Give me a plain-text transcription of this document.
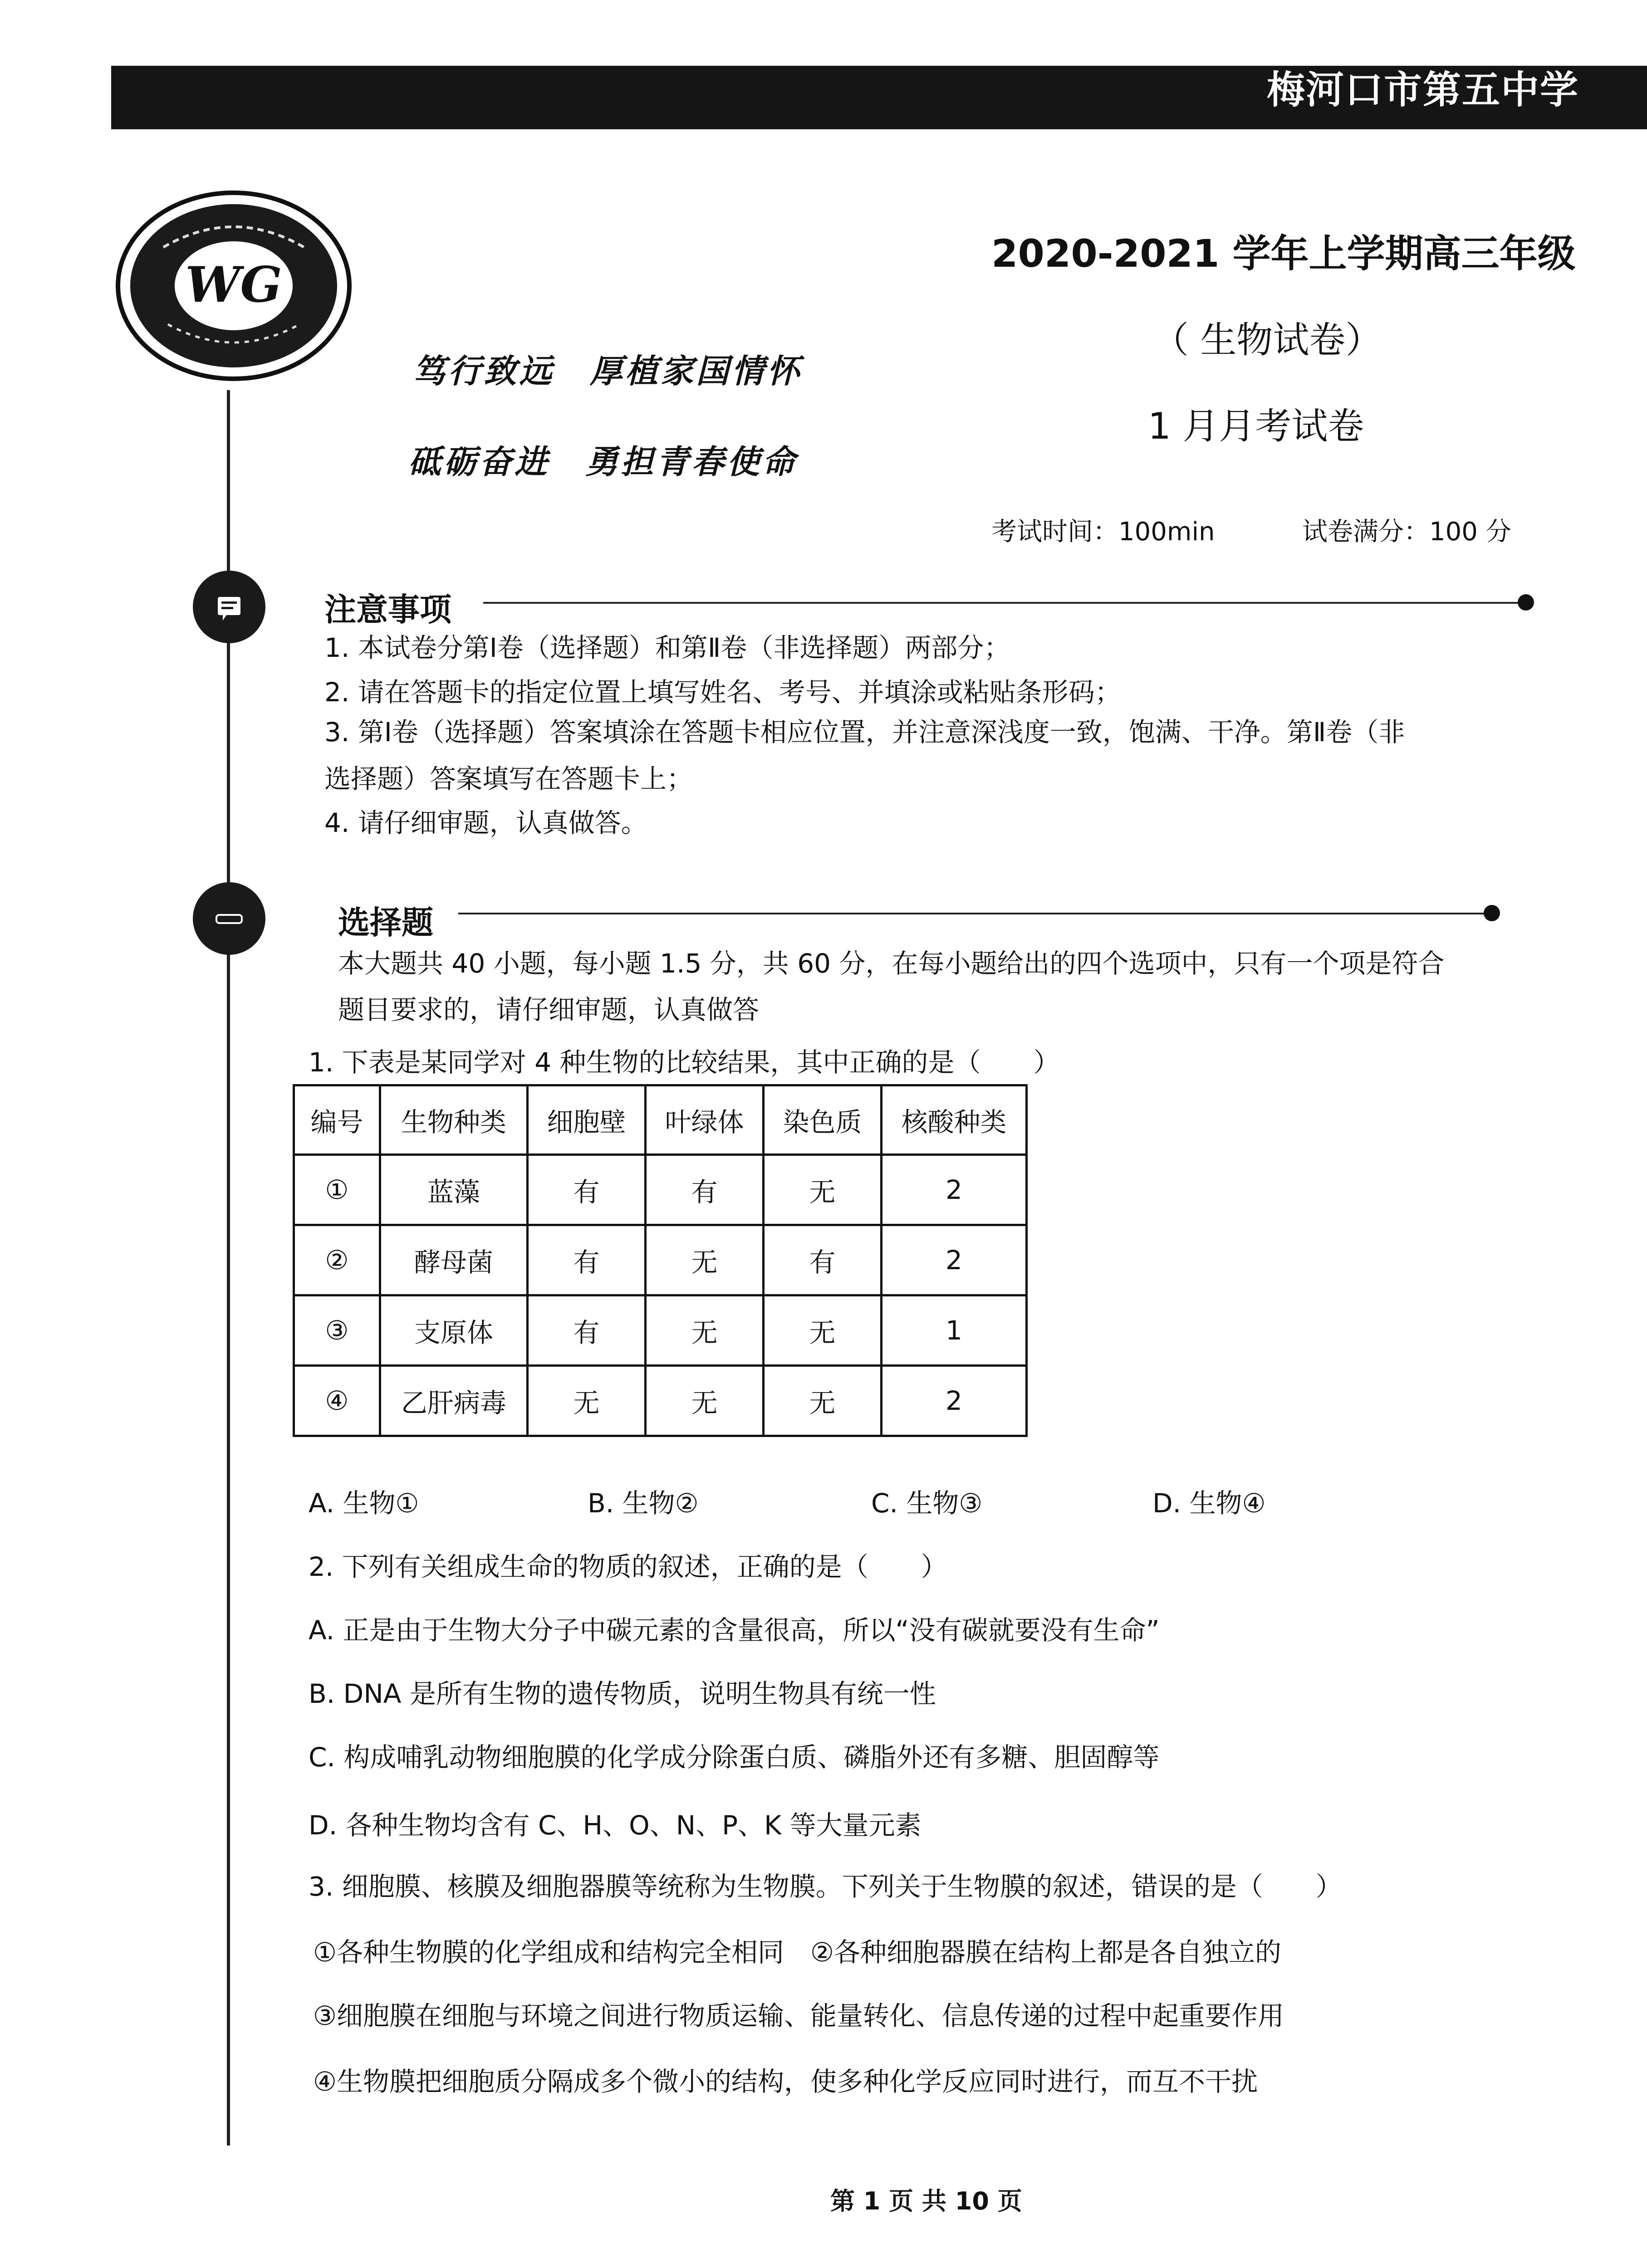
梅河口市第五中学
WG
笃行致远　厚植家国情怀
砥砺奋进　勇担青春使命
2020-2021 学年上学期高三年级
（ 生物试卷）
1 月月考试卷
考试时间：100min	试卷满分：100 分
注意事项
1. 本试卷分第Ⅰ卷（选择题）和第Ⅱ卷（非选择题）两部分；
2. 请在答题卡的指定位置上填写姓名、考号、并填涂或粘贴条形码；
3. 第Ⅰ卷（选择题）答案填涂在答题卡相应位置，并注意深浅度一致，饱满、干净。第Ⅱ卷（非
选择题）答案填写在答题卡上；
4. 请仔细审题，认真做答。
选择题
本大题共 40 小题，每小题 1.5 分，共 60 分，在每小题给出的四个选项中，只有一个项是符合
题目要求的，请仔细审题，认真做答
1. 下表是某同学对 4 种生物的比较结果，其中正确的是（　　）
编号	生物种类	细胞壁	叶绿体	染色质	核酸种类
①	蓝藻	有	有	无	2
②	酵母菌	有	无	有	2
③	支原体	有	无	无	1
④	乙肝病毒	无	无	无	2
A. 生物①	B. 生物②	C. 生物③	D. 生物④
2. 下列有关组成生命的物质的叙述，正确的是（　　）
A. 正是由于生物大分子中碳元素的含量很高，所以“没有碳就要没有生命”
B. DNA 是所有生物的遗传物质，说明生物具有统一性
C. 构成哺乳动物细胞膜的化学成分除蛋白质、磷脂外还有多糖、胆固醇等
D. 各种生物均含有 C、H、O、N、P、K 等大量元素
3. 细胞膜、核膜及细胞器膜等统称为生物膜。下列关于生物膜的叙述，错误的是（　　）
①各种生物膜的化学组成和结构完全相同　②各种细胞器膜在结构上都是各自独立的
③细胞膜在细胞与环境之间进行物质运输、能量转化、信息传递的过程中起重要作用
④生物膜把细胞质分隔成多个微小的结构，使多种化学反应同时进行，而互不干扰
第 1 页 共 10 页
